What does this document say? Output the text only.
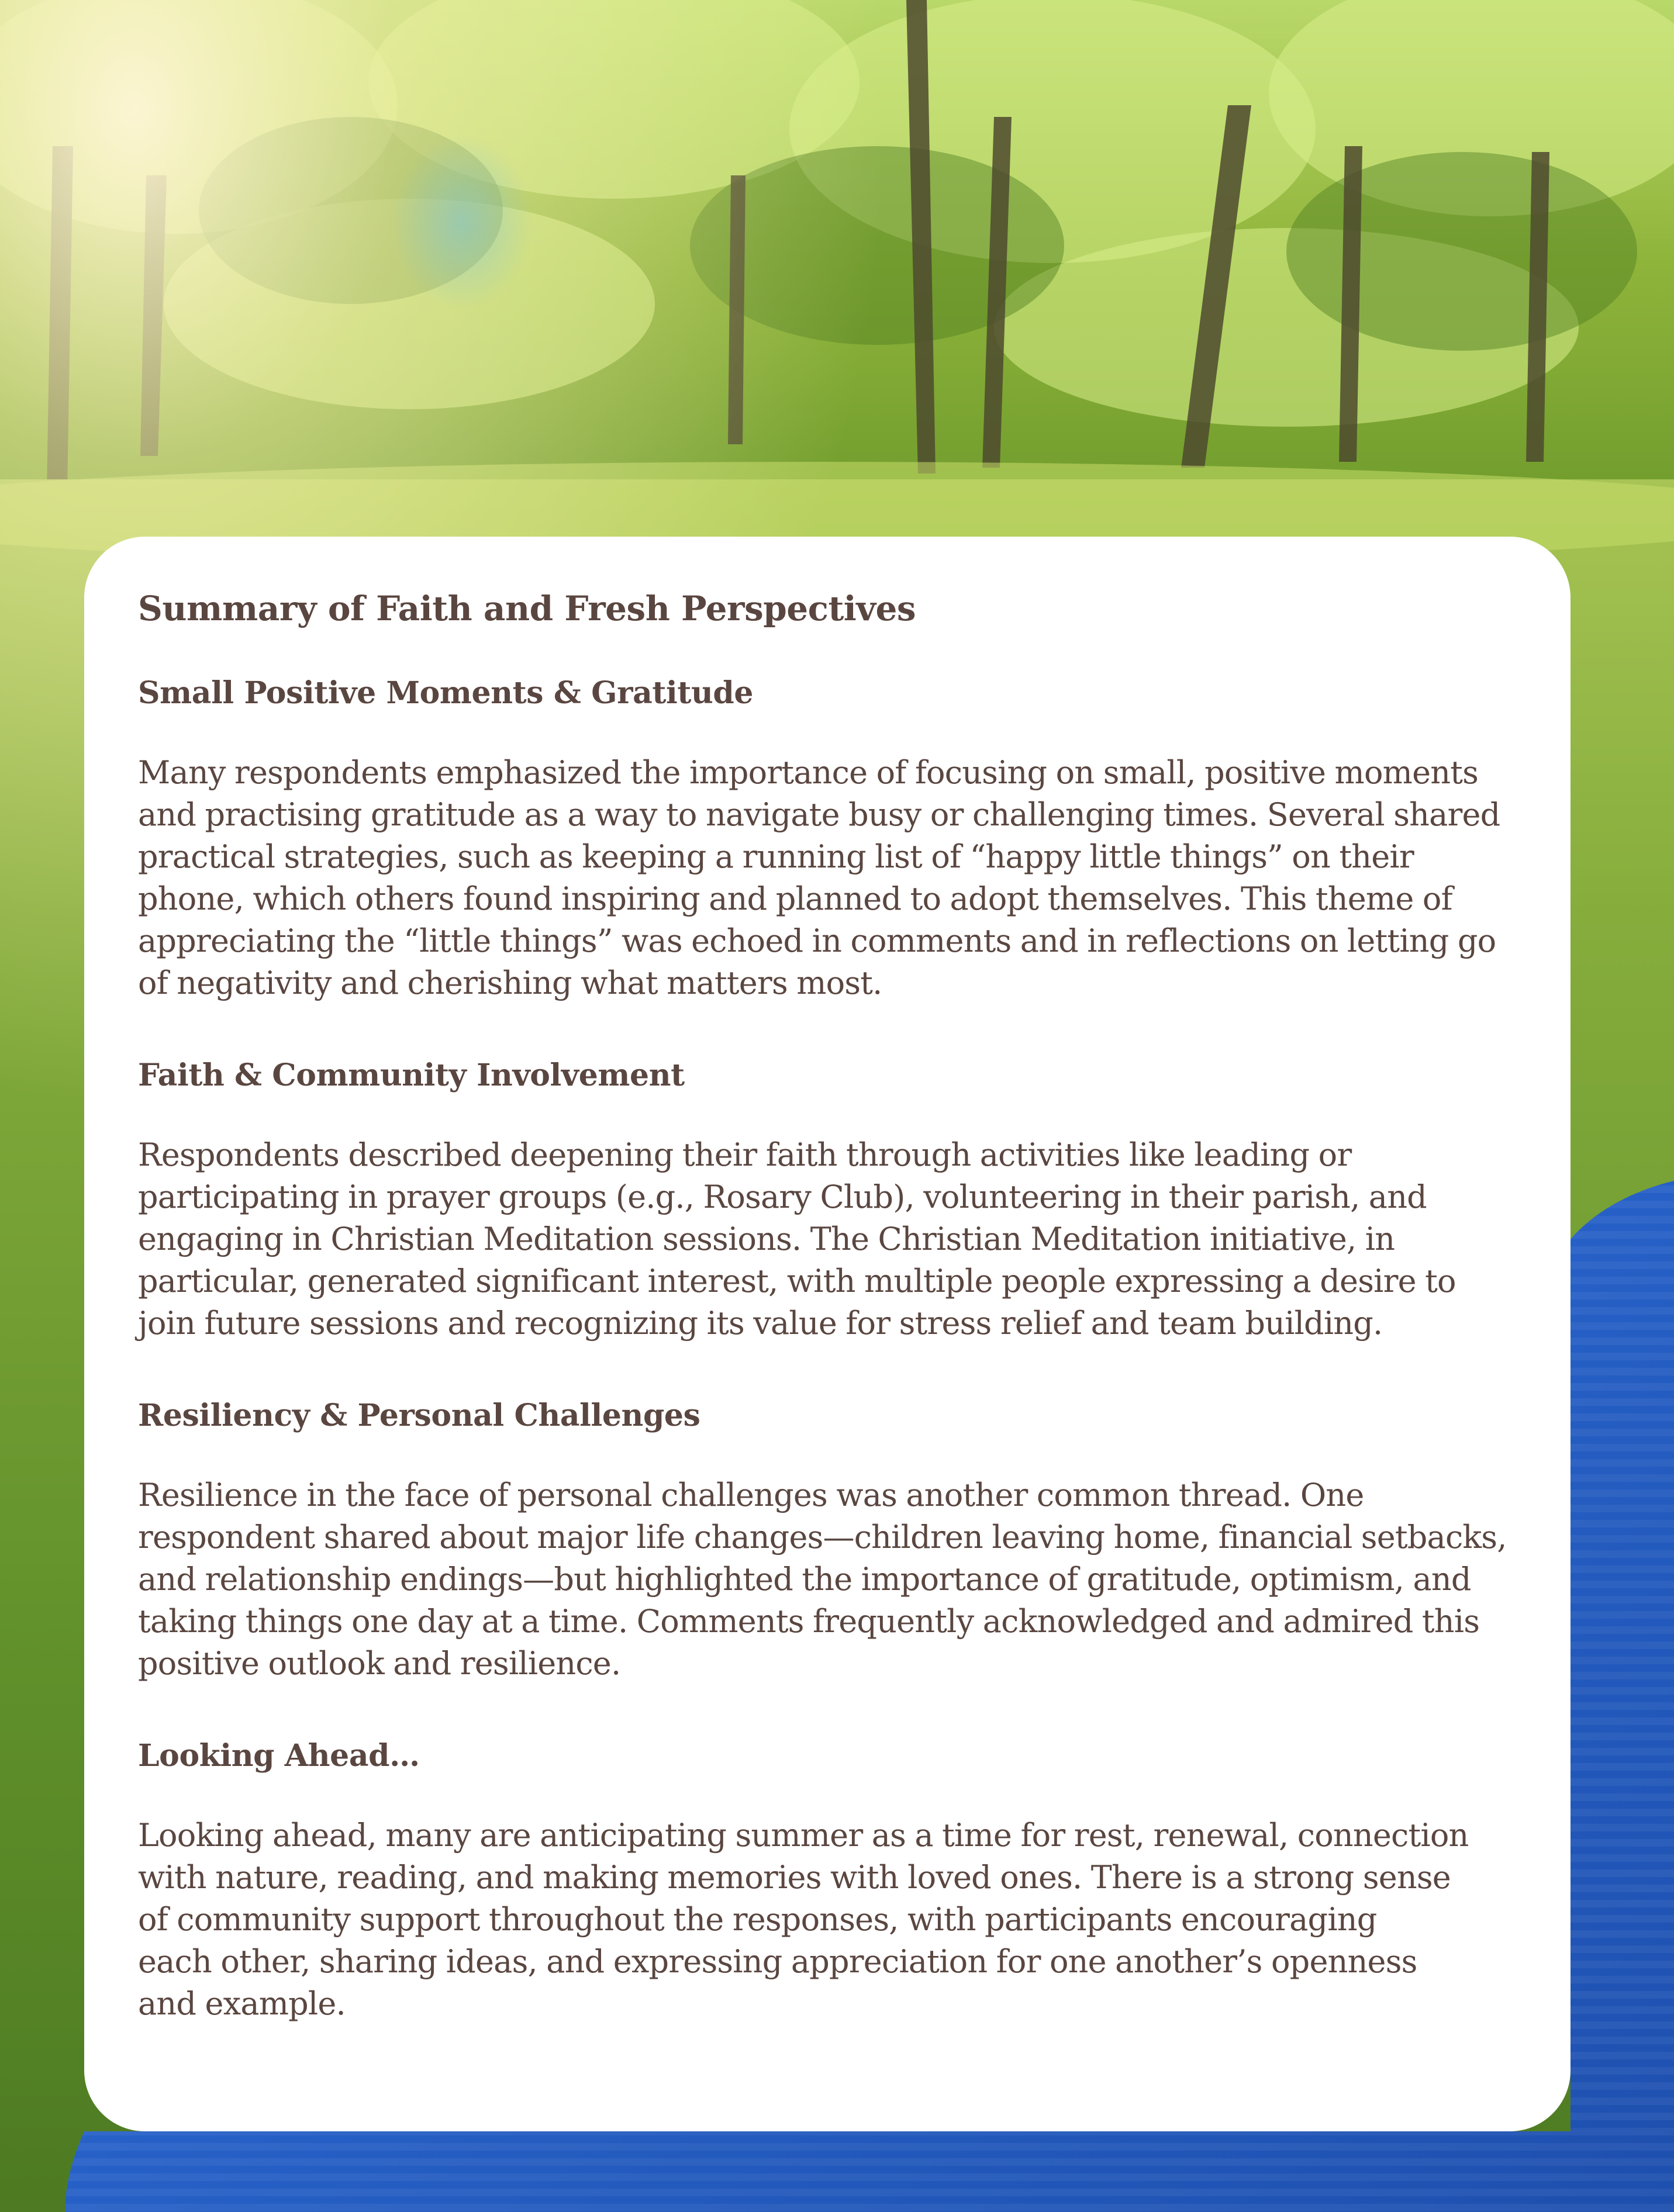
Summary of Faith and Fresh Perspectives
Small Positive Moments & Gratitude

Many respondents emphasized the importance of focusing on small, positive moments
and practising gratitude as a way to navigate busy or challenging times. Several shared
practical strategies, such as keeping a running list of “happy little things” on their
phone, which others found inspiring and planned to adopt themselves. This theme of
appreciating the “little things” was echoed in comments and in reflections on letting go
of negativity and cherishing what matters most.

Faith & Community Involvement

Respondents described deepening their faith through activities like leading or
participating in prayer groups (e.g., Rosary Club), volunteering in their parish, and
engaging in Christian Meditation sessions. The Christian Meditation initiative, in
particular, generated significant interest, with multiple people expressing a desire to
join future sessions and recognizing its value for stress relief and team building.

Resiliency & Personal Challenges

Resilience in the face of personal challenges was another common thread. One
respondent shared about major life changes—children leaving home, financial setbacks,
and relationship endings—but highlighted the importance of gratitude, optimism, and
taking things one day at a time. Comments frequently acknowledged and admired this
positive outlook and resilience.

Looking Ahead…

Looking ahead, many are anticipating summer as a time for rest, renewal, connection
with nature, reading, and making memories with loved ones. There is a strong sense
of community support throughout the responses, with participants encouraging
each other, sharing ideas, and expressing appreciation for one another’s openness
and example.
